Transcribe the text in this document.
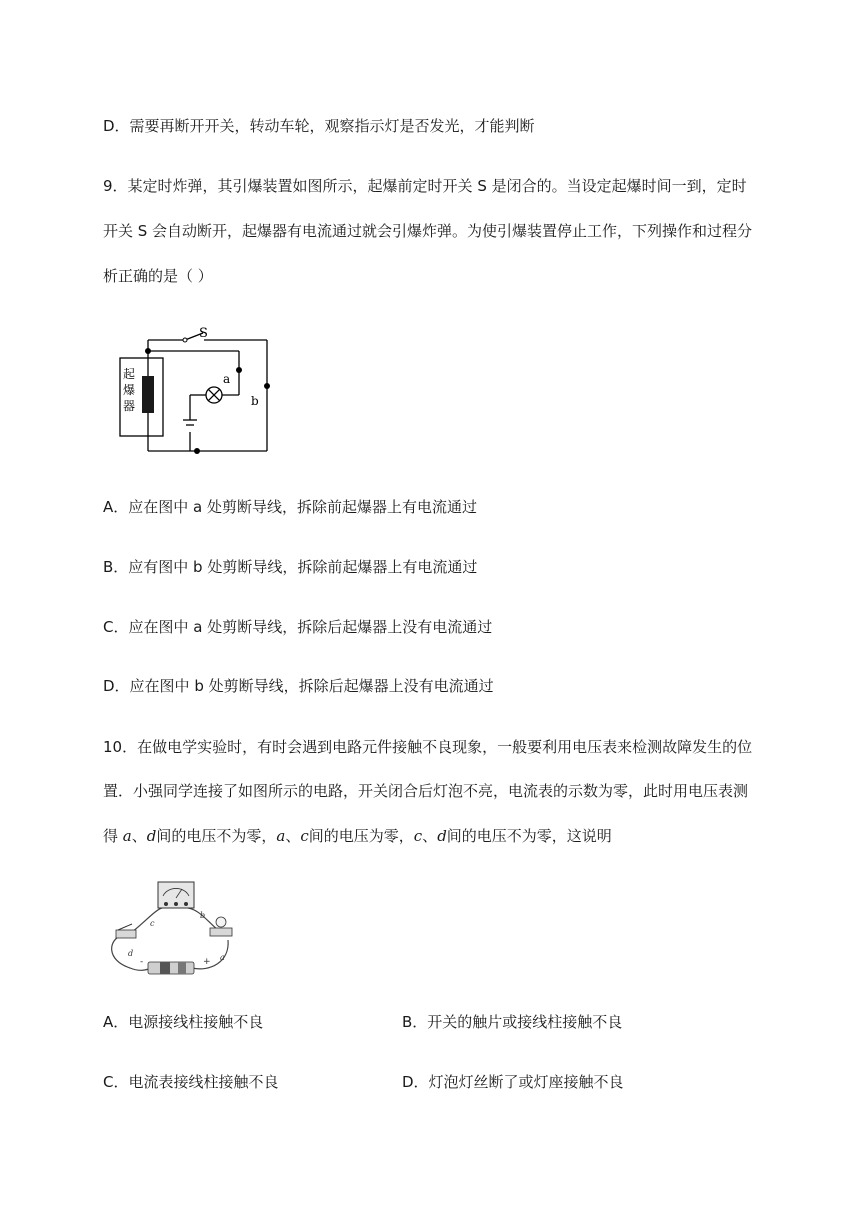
D．需要再断开开关，转动车轮，观察指示灯是否发光，才能判断
9．某定时炸弹，其引爆装置如图所示，起爆前定时开关 S 是闭合的。当设定起爆时间一到，定时
开关 S 会自动断开，起爆器有电流通过就会引爆炸弹。为使引爆装置停止工作，下列操作和过程分
析正确的是（ ）
S
a
b
起
爆
器
A．应在图中 a 处剪断导线，拆除前起爆器上有电流通过
B．应有图中 b 处剪断导线，拆除前起爆器上有电流通过
C．应在图中 a 处剪断导线，拆除后起爆器上没有电流通过
D．应在图中 b 处剪断导线，拆除后起爆器上没有电流通过
10．在做电学实验时，有时会遇到电路元件接触不良现象，一般要利用电压表来检测故障发生的位
置．小强同学连接了如图所示的电路，开关闭合后灯泡不亮，电流表的示数为零，此时用电压表测
得 a、d间的电压不为零，a、c间的电压为零，c、d间的电压不为零，这说明
c
b
d	a
+
-
A．电源接线柱接触不良	B．开关的触片或接线柱接触不良
C．电流表接线柱接触不良	D．灯泡灯丝断了或灯座接触不良
